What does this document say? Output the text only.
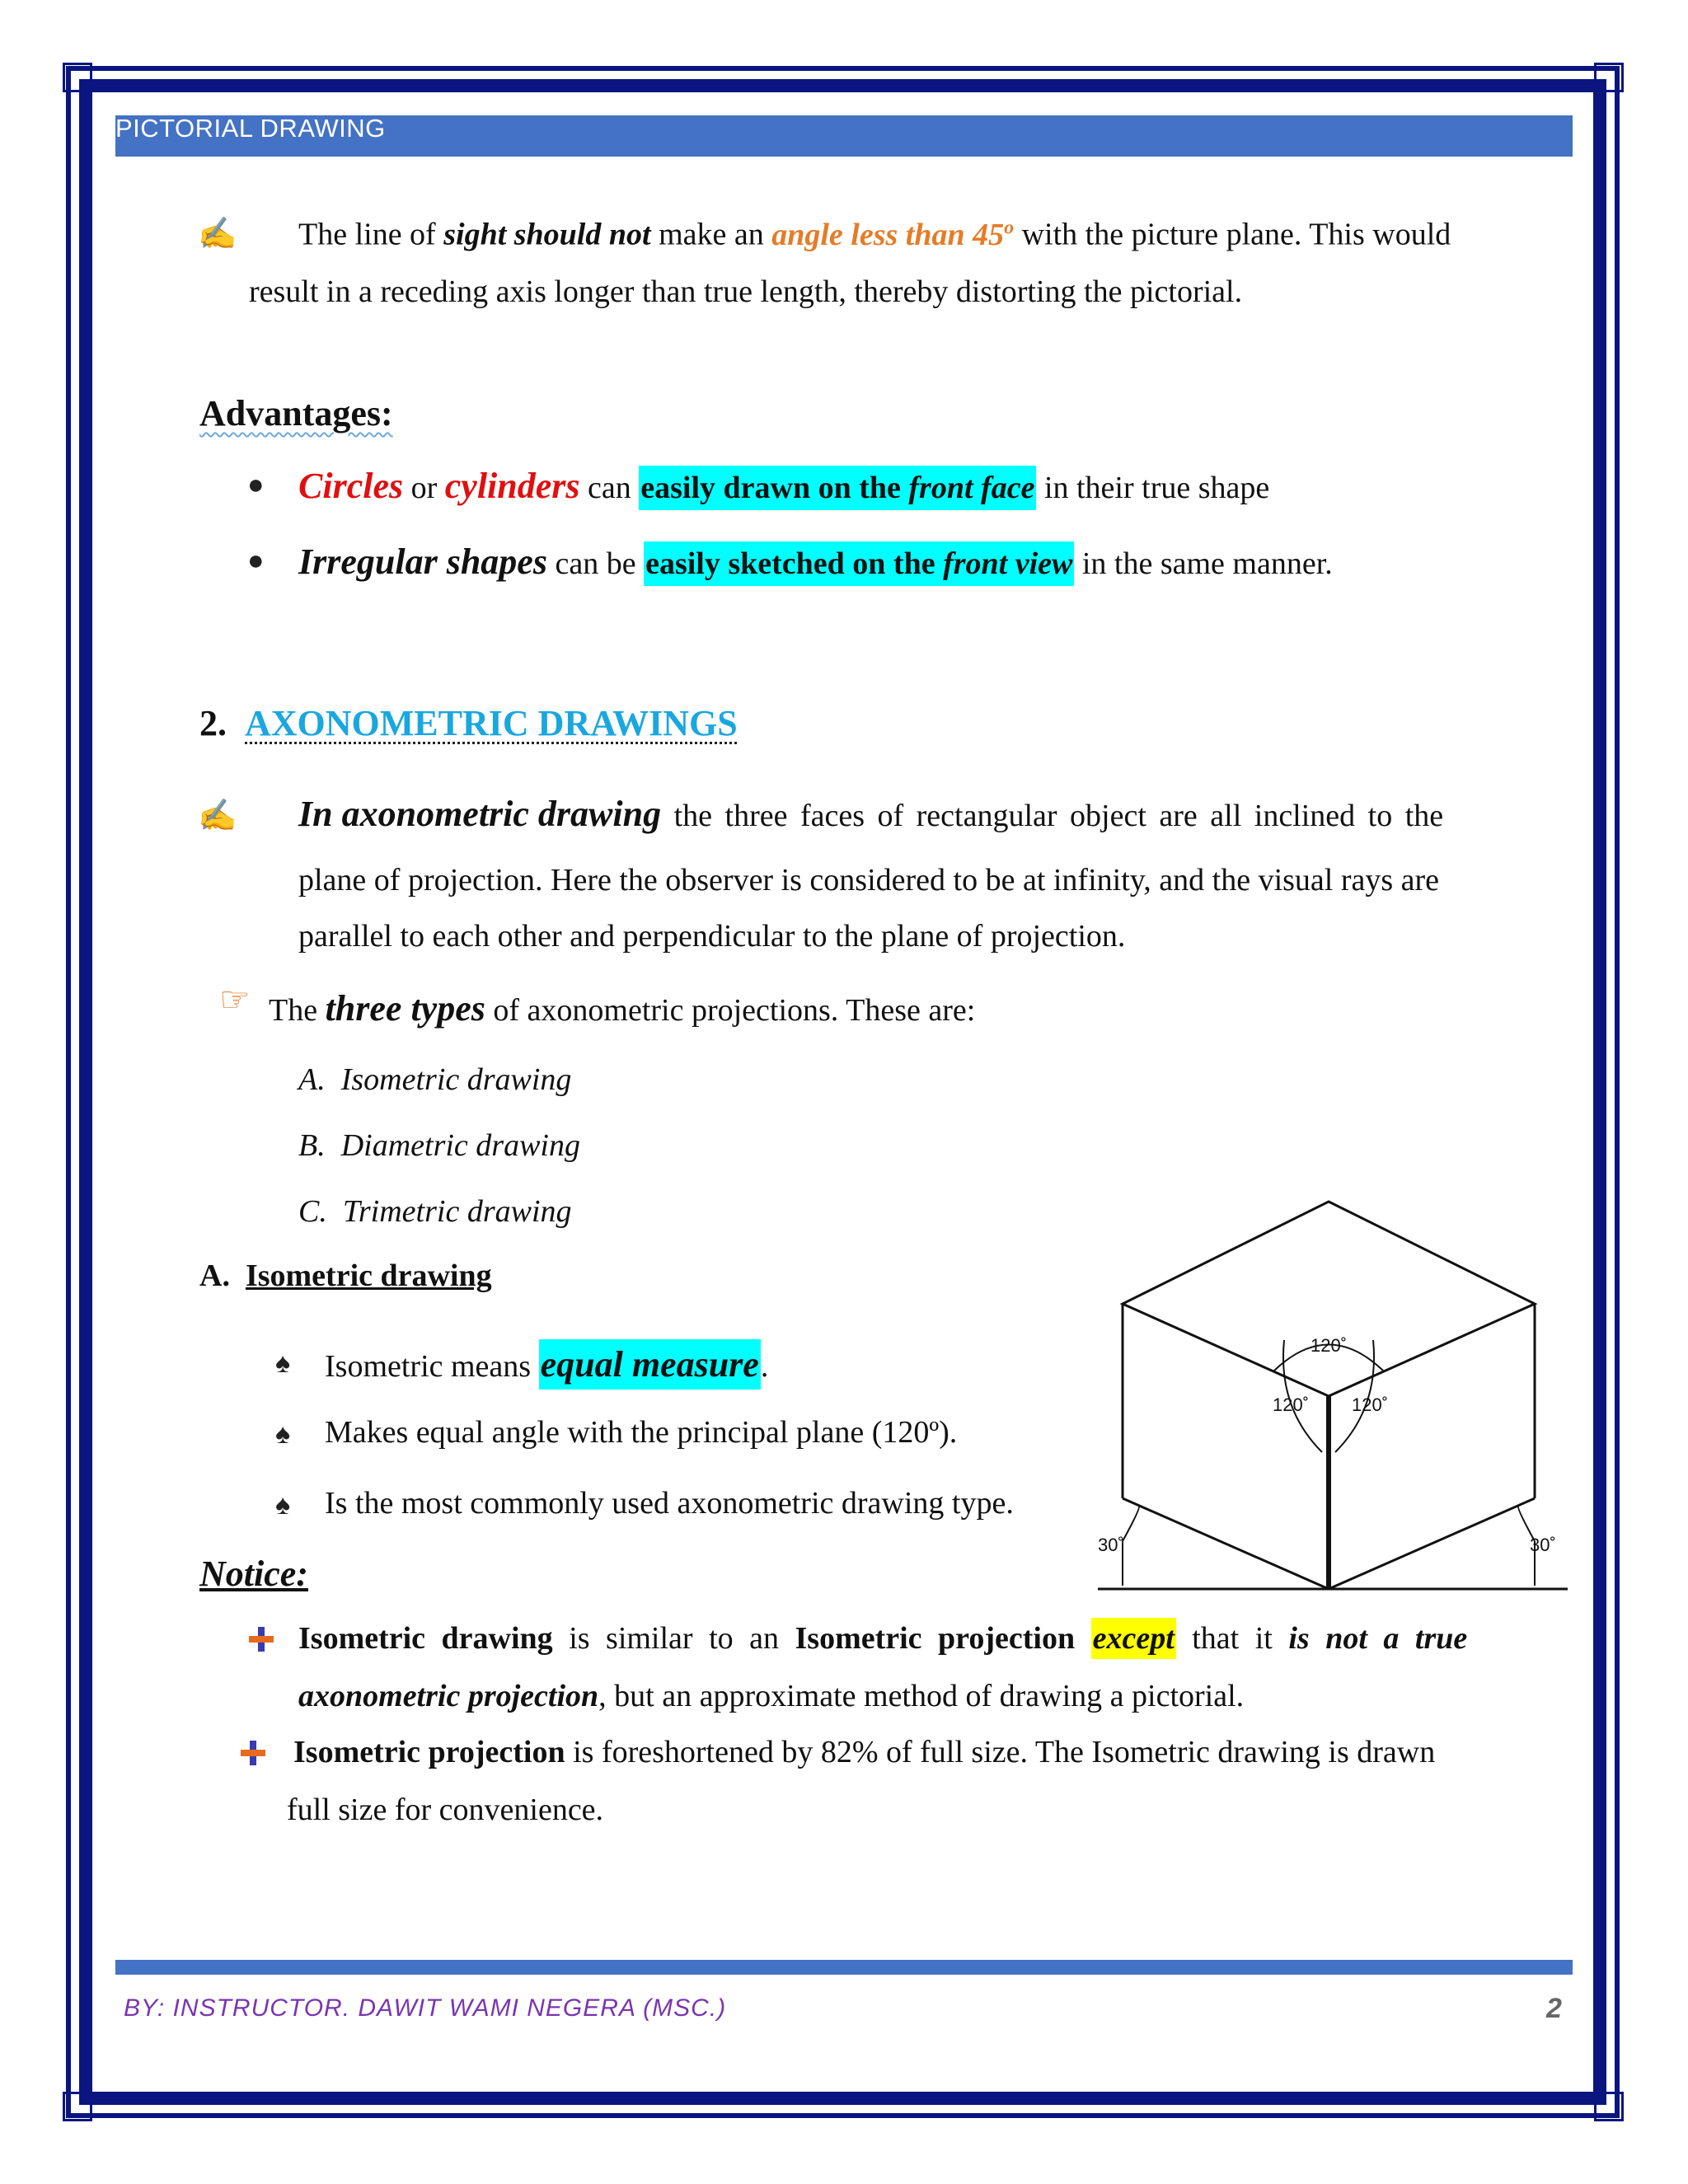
PICTORIAL DRAWING
✍ The line of sight should not make an angle less than 45$^o$ with the picture plane. This would
result in a receding axis longer than true length, thereby distorting the pictorial.
Advantages:
● Circles or cylinders can easily drawn on the front face in their true shape
● Irregular shapes can be easily sketched on the front view in the same manner.
2. AXONOMETRIC DRAWINGS
✍ In axonometric drawing the three faces of rectangular object are all inclined to the
plane of projection. Here the observer is considered to be at infinity, and the visual rays are
parallel to each other and perpendicular to the plane of projection.
☞ The three types of axonometric projections. These are:
A. Isometric drawing
B. Diametric drawing
C. Trimetric drawing
A. Isometric drawing
♠ Isometric means equal measure.
♠ Makes equal angle with the principal plane (120º).
♠ Is the most commonly used axonometric drawing type.
120˚
120˚ 120˚
30˚	30˚
Notice:
Isometric drawing is similar to an Isometric projection except that it is not a true
axonometric projection, but an approximate method of drawing a pictorial.
Isometric projection is foreshortened by 82% of full size. The Isometric drawing is drawn
full size for convenience.
BY: INSTRUCTOR. DAWIT WAMI NEGERA (MSC.)	2
